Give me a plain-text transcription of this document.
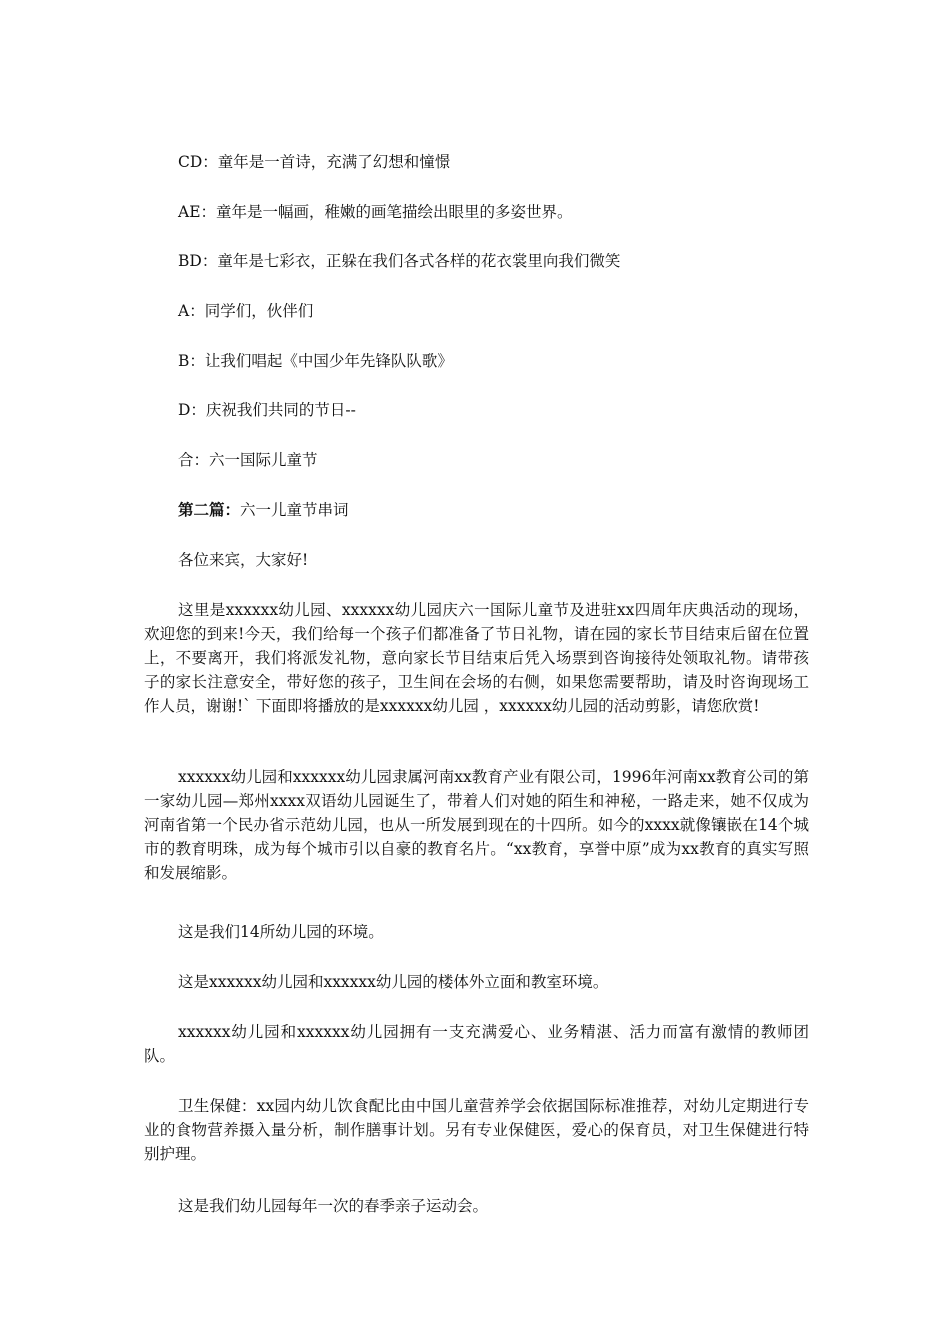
CD：童年是一首诗，充满了幻想和憧憬
AE：童年是一幅画，稚嫩的画笔描绘出眼里的多姿世界。
BD：童年是七彩衣，正躲在我们各式各样的花衣裳里向我们微笑
A：同学们，伙伴们
B：让我们唱起《中国少年先锋队队歌》
D：庆祝我们共同的节日--
合：六一国际儿童节
第二篇：六一儿童节串词
各位来宾，大家好!
这里是xxxxxx幼儿园、xxxxxx幼儿园庆六一国际儿童节及进驻xx四周年庆典活动的现场，欢迎您的到来!今天，我们给每一个孩子们都准备了节日礼物，请在园的家长节目结束后留在位置上，不要离开，我们将派发礼物，意向家长节目结束后凭入场票到咨询接待处领取礼物。请带孩子的家长注意安全，带好您的孩子，卫生间在会场的右侧，如果您需要帮助，请及时咨询现场工作人员，谢谢!` 下面即将播放的是xxxxxx幼儿园 ，xxxxxx幼儿园的活动剪影，请您欣赏!
xxxxxx幼儿园和xxxxxx幼儿园隶属河南xx教育产业有限公司，1996年河南xx教育公司的第一家幼儿园—郑州xxxx双语幼儿园诞生了，带着人们对她的陌生和神秘，一路走来，她不仅成为河南省第一个民办省示范幼儿园，也从一所发展到现在的十四所。如今的xxxx就像镶嵌在14个城市的教育明珠，成为每个城市引以自豪的教育名片。“xx教育，享誉中原”成为xx教育的真实写照和发展缩影。
这是我们14所幼儿园的环境。
这是xxxxxx幼儿园和xxxxxx幼儿园的楼体外立面和教室环境。
xxxxxx幼儿园和xxxxxx幼儿园拥有一支充满爱心、业务精湛、活力而富有激情的教师团队。
卫生保健：xx园内幼儿饮食配比由中国儿童营养学会依据国际标准推荐，对幼儿定期进行专业的食物营养摄入量分析，制作膳事计划。另有专业保健医，爱心的保育员，对卫生保健进行特别护理。
这是我们幼儿园每年一次的春季亲子运动会。
